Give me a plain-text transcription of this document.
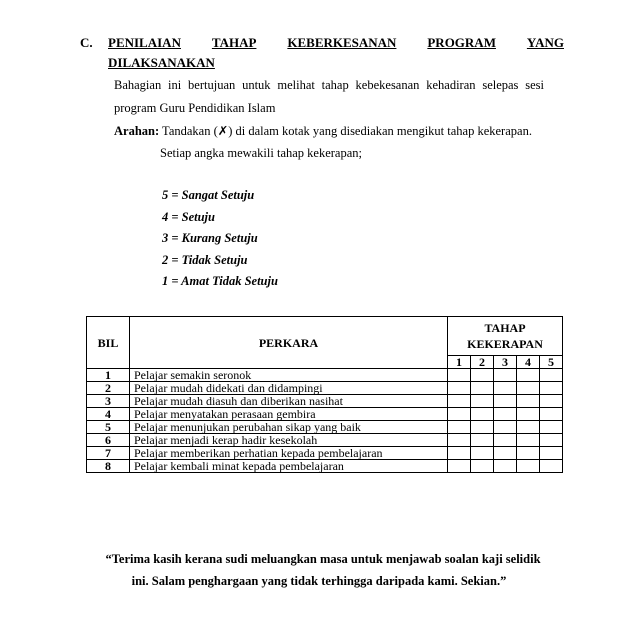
C. PENILAIAN TAHAP KEBERKESANAN PROGRAM YANG
DILAKSANAKAN
Bahagian ini bertujuan untuk melihat tahap kebekesanan kehadiran selepas sesi
program Guru Pendidikan Islam
Arahan: Tandakan (✗) di dalam kotak yang disediakan mengikut tahap kekerapan.
Setiap angka mewakili tahap kekerapan;
5 = Sangat Setuju
4 = Setuju
3 = Kurang Setuju
2 = Tidak Setuju
1 = Amat Tidak Setuju
BIL	PERKARA	TAHAP
KEKERAPAN				
		1	2	3	4	5
1	Pelajar semakin seronok					
2	Pelajar mudah didekati dan didampingi					
3	Pelajar mudah diasuh dan diberikan nasihat					
4	Pelajar menyatakan perasaan gembira					
5	Pelajar menunjukan perubahan sikap yang baik					
6	Pelajar menjadi kerap hadir kesekolah					
7	Pelajar memberikan perhatian kepada pembelajaran					
8	Pelajar kembali minat kepada pembelajaran					
“Terima kasih kerana sudi meluangkan masa untuk menjawab soalan kaji selidik
ini. Salam penghargaan yang tidak terhingga daripada kami. Sekian.”
